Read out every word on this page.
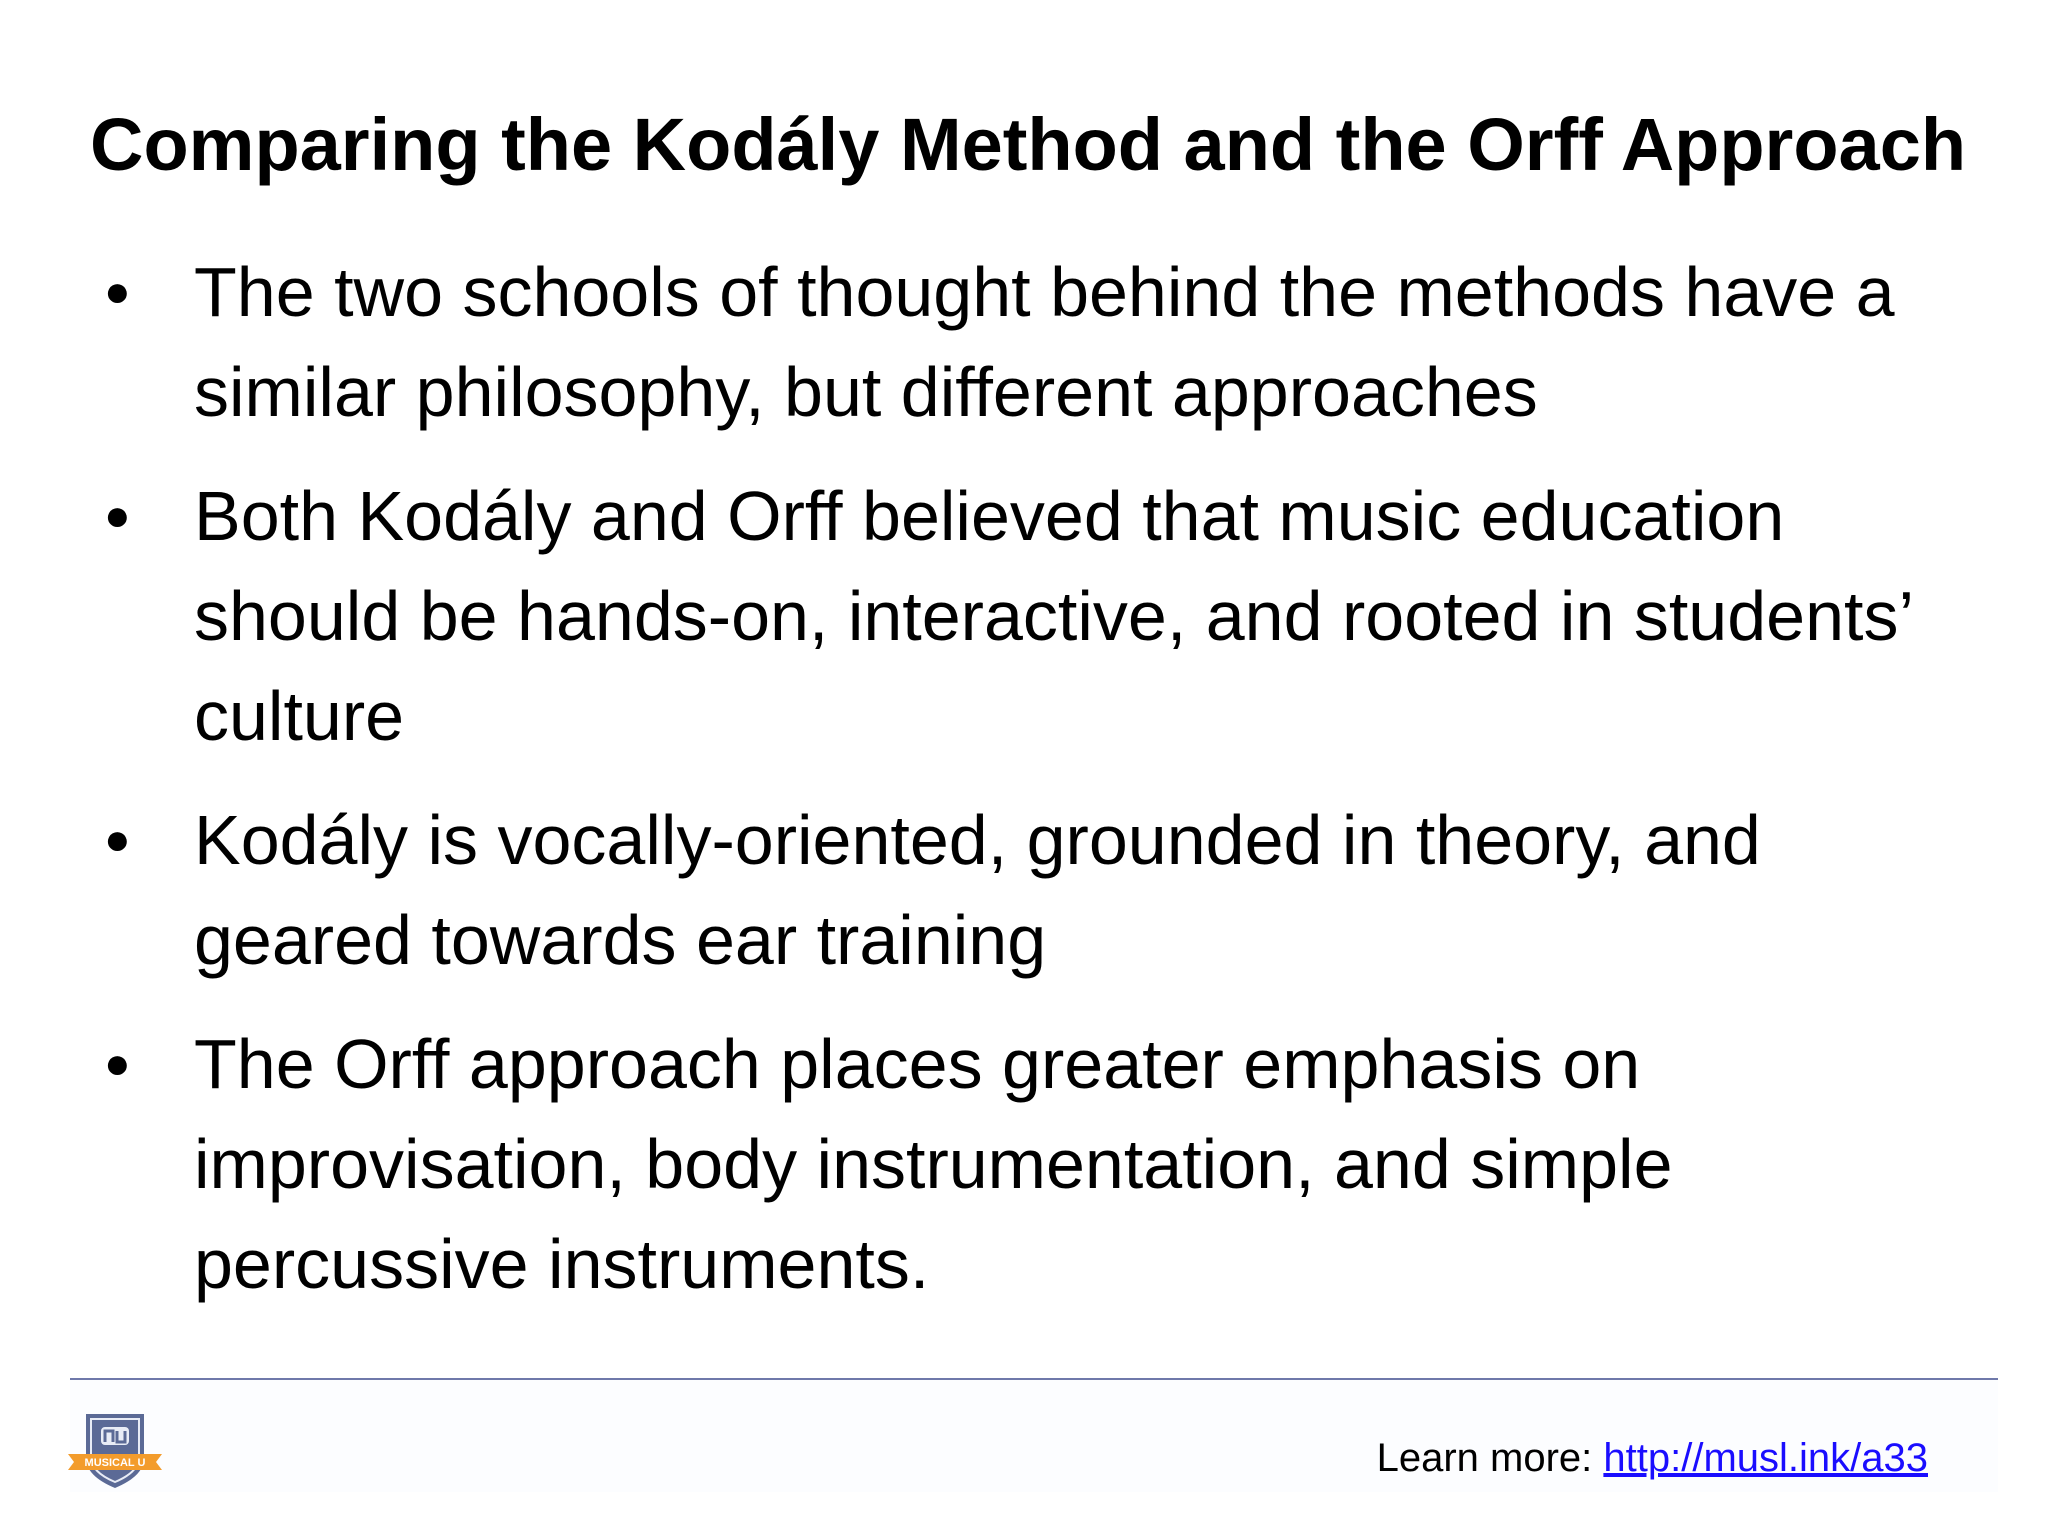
Comparing the Kodály Method and the Orff Approach
● The two schools of thought behind the methods have a
similar philosophy, but different approaches
● Both Kodály and Orff believed that music education
should be hands-on, interactive, and rooted in students’
culture
● Kodály is vocally-oriented, grounded in theory, and
geared towards ear training
● The Orff approach places greater emphasis on
improvisation, body instrumentation, and simple
percussive instruments.
MUSICAL U	Learn more: http://musl.ink/a33
